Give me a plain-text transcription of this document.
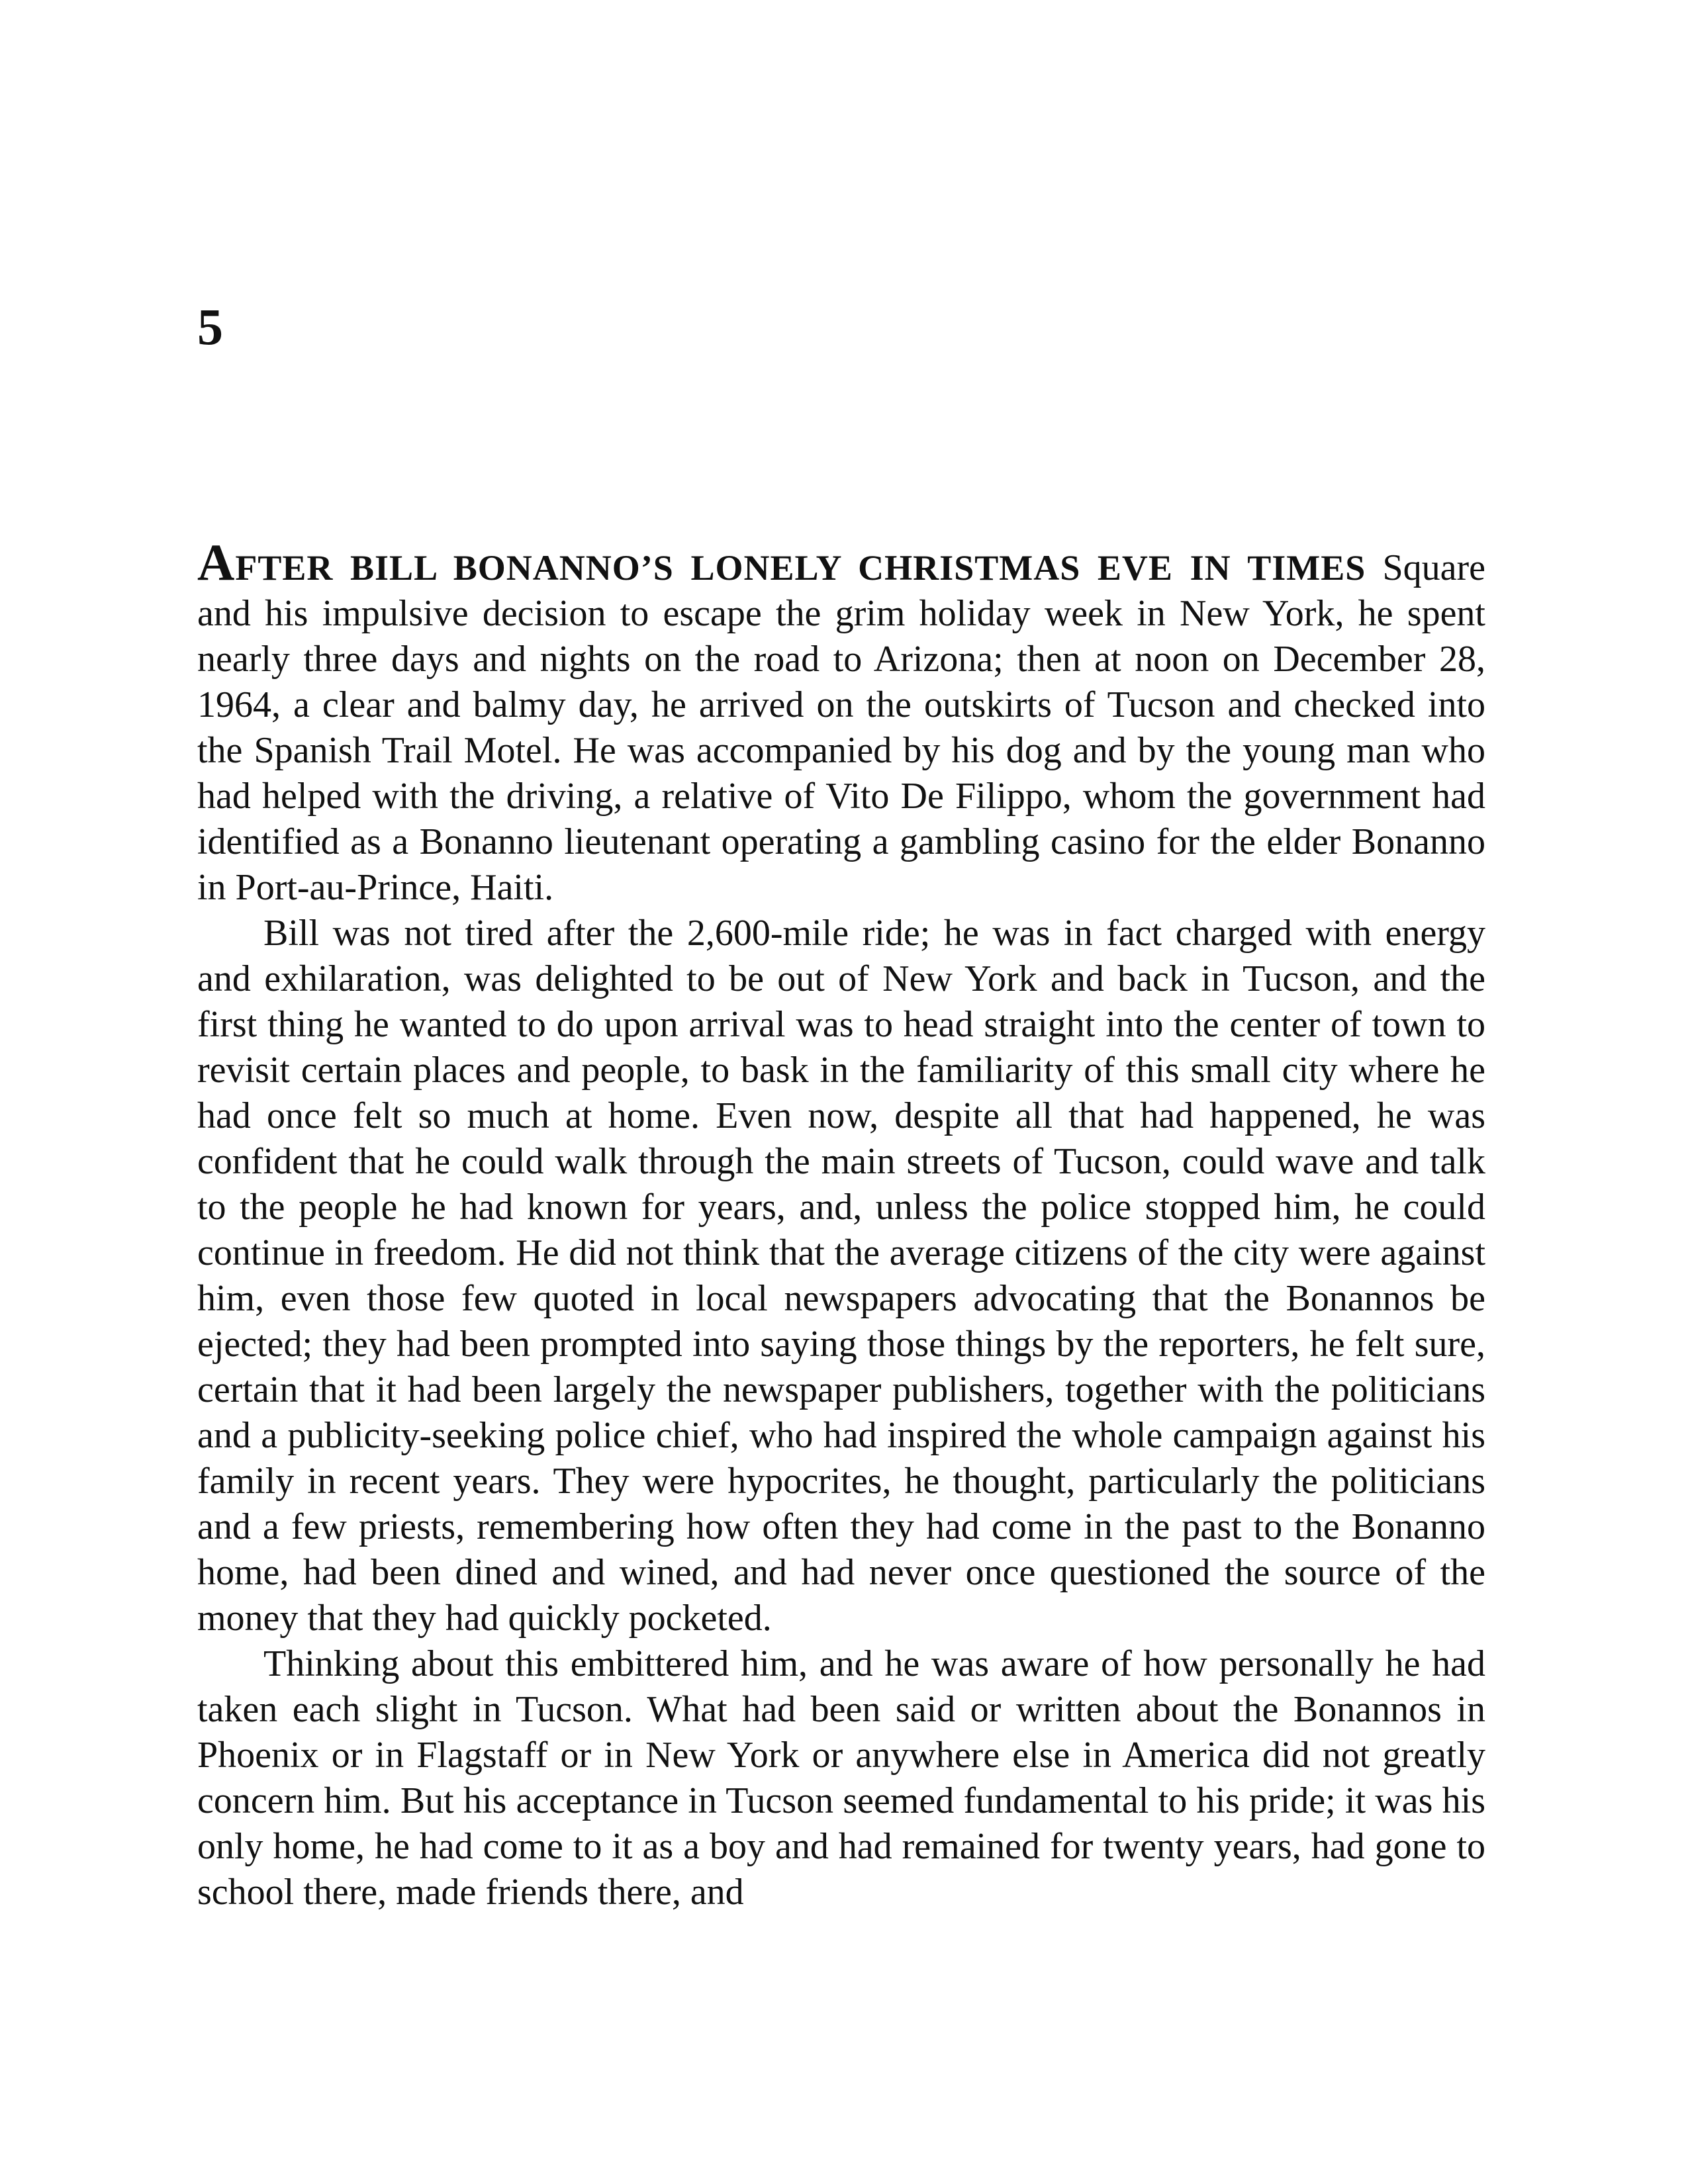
5

AFTER BILL BONANNO’S LONELY CHRISTMAS EVE IN TIMES Square and his impulsive decision to escape the grim holiday week in New York, he spent nearly three days and nights on the road to Arizona; then at noon on December 28, 1964, a clear and balmy day, he arrived on the outskirts of Tucson and checked into the Spanish Trail Motel. He was accompanied by his dog and by the young man who had helped with the driving, a relative of Vito De Filippo, whom the government had identified as a Bonanno lieutenant operating a gambling casino for the elder Bonanno in Port-au-Prince, Haiti.

Bill was not tired after the 2,600-mile ride; he was in fact charged with energy and exhilaration, was delighted to be out of New York and back in Tucson, and the first thing he wanted to do upon arrival was to head straight into the center of town to revisit certain places and people, to bask in the familiarity of this small city where he had once felt so much at home. Even now, despite all that had happened, he was confident that he could walk through the main streets of Tucson, could wave and talk to the people he had known for years, and, unless the police stopped him, he could continue in freedom. He did not think that the average citizens of the city were against him, even those few quoted in local newspapers advocating that the Bonannos be ejected; they had been prompted into saying those things by the reporters, he felt sure, certain that it had been largely the newspaper publishers, together with the politicians and a publicity-seeking police chief, who had inspired the whole campaign against his family in recent years. They were hypocrites, he thought, particularly the politicians and a few priests, remembering how often they had come in the past to the Bonanno home, had been dined and wined, and had never once questioned the source of the money that they had quickly pocketed.

Thinking about this embittered him, and he was aware of how personally he had taken each slight in Tucson. What had been said or written about the Bonannos in Phoenix or in Flagstaff or in New York or anywhere else in America did not greatly concern him. But his acceptance in Tucson seemed fundamental to his pride; it was his only home, he had come to it as a boy and had remained for twenty years, had gone to school there, made friends there, and
